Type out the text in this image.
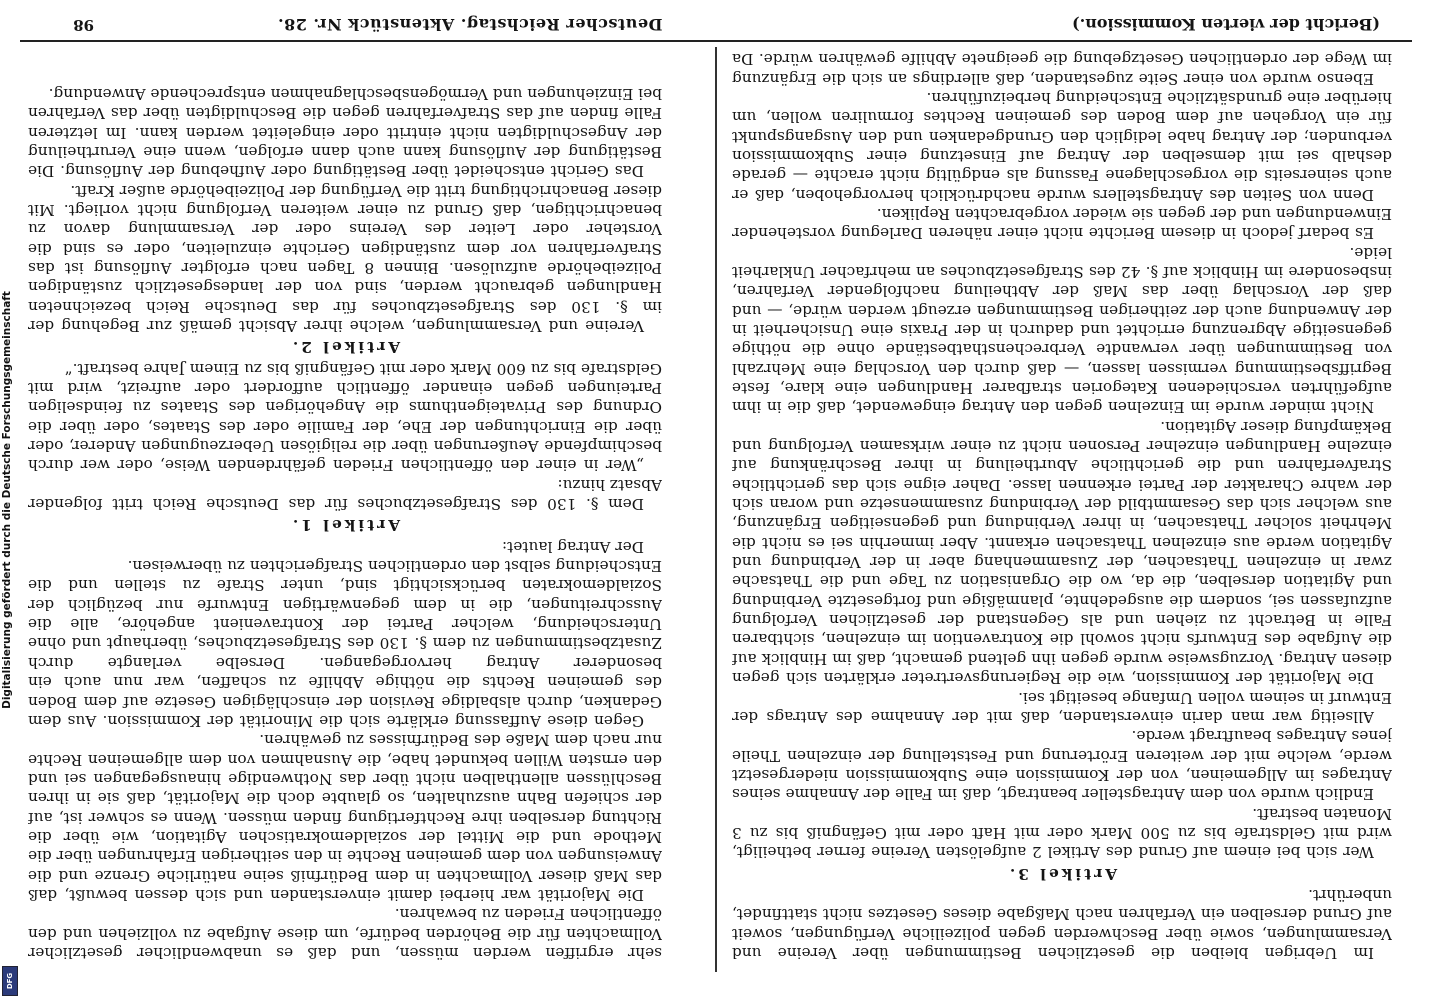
98	Deutscher Reichstag. Aktenstück Nr. 28.	(Bericht der vierten Kommission.)

sehr ergriffen werden müssen, und daß es unabwendlicher gesetzlicher Vollmachten für die Behörden bedürfe, um diese Aufgabe zu vollziehen und den öffentlichen Frieden zu bewahren.

Die Majorität war hierbei damit einverstanden und sich dessen bewußt, daß das Maß dieser Vollmachten in dem Bedürfniß seine natürliche Grenze und die Anweisungen von dem gemeinen Rechte in den seitherigen Erfahrungen über die Methode und die Mittel der sozialdemokratischen Agitation, wie über die Richtung derselben ihre Rechtfertigung finden müssen. Wenn es schwer ist, auf der schiefen Bahn auszuhalten, so glaubte doch die Majorität, daß sie in ihren Beschlüssen allenthalben nicht über das Nothwendige hinausgegangen sei und den ernsten Willen bekundet habe, die Ausnahmen von dem allgemeinen Rechte nur nach dem Maße des Bedürfnisses zu gewähren.

Gegen diese Auffassung erklärte sich die Minorität der Kommission. Aus dem Gedanken, durch alsbaldige Revision der einschlägigen Gesetze auf dem Boden des gemeinen Rechts die nöthige Abhilfe zu schaffen, war nun auch ein besonderer Antrag hervorgegangen. Derselbe verlangte durch Zusatzbestimmungen zu dem §. 130 des Strafgesetzbuches, überhaupt und ohne Unterscheidung, welcher Partei der Kontravenient angehöre, alle die Ausschreitungen, die in dem gegenwärtigen Entwurfe nur bezüglich der Sozialdemokraten berücksichtigt sind, unter Strafe zu stellen und die Entscheidung selbst den ordentlichen Strafgerichten zu überweisen.

Der Antrag lautet:

Artikel 1.

Dem §. 130 des Strafgesetzbuches für das Deutsche Reich tritt folgender Absatz hinzu:

„Wer in einer den öffentlichen Frieden gefährdenden Weise, oder wer durch beschimpfende Aeußerungen über die religiösen Ueberzeugungen Anderer, oder über die Einrichtungen der Ehe, der Familie oder des Staates, oder über die Ordnung des Privateigenthums die Angehörigen des Staates zu feindseligen Parteiungen gegen einander öffentlich auffordert oder aufreizt, wird mit Geldstrafe bis zu 600 Mark oder mit Gefängniß bis zu Einem Jahre bestraft.“

Artikel 2.

Vereine und Versammlungen, welche ihrer Absicht gemäß zur Begehung der im §. 130 des Strafgesetzbuches für das Deutsche Reich bezeichneten Handlungen gebraucht werden, sind von der landesgesetzlich zuständigen Polizeibehörde aufzulösen. Binnen 8 Tagen nach erfolgter Auflösung ist das Strafverfahren vor dem zuständigen Gerichte einzuleiten, oder es sind die Vorsteher oder Leiter des Vereins oder der Versammlung davon zu benachrichtigen, daß Grund zu einer weiteren Verfolgung nicht vorliegt. Mit dieser Benachrichtigung tritt die Verfügung der Polizeibehörde außer Kraft.

Das Gericht entscheidet über Bestätigung oder Aufhebung der Auflösung. Die Bestätigung der Auflösung kann auch dann erfolgen, wenn eine Verurtheilung der Angeschuldigten nicht eintritt oder eingeleitet werden kann. Im letzteren Falle finden auf das Strafverfahren gegen die Beschuldigten über das Verfahren bei Einziehungen und Vermögensbeschlagnahmen entsprechende Anwendung.

Im Uebrigen bleiben die gesetzlichen Bestimmungen über Vereine und Versammlungen, sowie über Beschwerden gegen polizeiliche Verfügungen, soweit auf Grund derselben ein Verfahren nach Maßgabe dieses Gesetzes nicht stattfindet, unberührt.

Artikel 3.

Wer sich bei einem auf Grund des Artikel 2 aufgelösten Vereine ferner betheiligt, wird mit Geldstrafe bis zu 500 Mark oder mit Haft oder mit Gefängniß bis zu 3 Monaten bestraft.

Endlich wurde von dem Antragsteller beantragt, daß im Falle der Annahme seines Antrages im Allgemeinen, von der Kommission eine Subkommission niedergesetzt werde, welche mit der weiteren Erörterung und Feststellung der einzelnen Theile jenes Antrages beauftragt werde.

Allseitig war man darin einverstanden, daß mit der Annahme des Antrags der Entwurf in seinem vollen Umfange beseitigt sei.

Die Majorität der Kommission, wie die Regierungsvertreter erklärten sich gegen diesen Antrag. Vorzugsweise wurde gegen ihn geltend gemacht, daß im Hinblick auf die Aufgabe des Entwurfs nicht sowohl die Kontravention im einzelnen, sichtbaren Falle in Betracht zu ziehen und als Gegenstand der gesetzlichen Verfolgung aufzufassen sei, sondern die ausgedehnte, planmäßige und fortgesetzte Verbindung und Agitation derselben, die da, wo die Organisation zu Tage und die Thatsache zwar in einzelnen Thatsachen, der Zusammenhang aber in der Verbindung und Agitation werde aus einzelnen Thatsachen erkannt. Aber immerhin sei es nicht die Mehrheit solcher Thatsachen, in ihrer Verbindung und gegenseitigen Ergänzung, aus welcher sich das Gesammtbild der Verbindung zusammensetze und woran sich der wahre Charakter der Partei erkennen lasse. Daher eigne sich das gerichtliche Strafverfahren und die gerichtliche Aburtheilung in ihrer Beschränkung auf einzelne Handlungen einzelner Personen nicht zu einer wirksamen Verfolgung und Bekämpfung dieser Agitation.

Nicht minder wurde im Einzelnen gegen den Antrag eingewendet, daß die in ihm aufgeführten verschiedenen Kategorien strafbarer Handlungen eine klare, feste Begriffsbestimmung vermissen lassen, — daß durch den Vorschlag eine Mehrzahl von Bestimmungen über verwandte Verbrechensthatbestände ohne die nöthige gegenseitige Abgrenzung errichtet und dadurch in der Praxis eine Unsicherheit in der Anwendung auch der zeitherigen Bestimmungen erzeugt werden würde, — und daß der Vorschlag über das Maß der Abtheilung nachfolgender Verfahren, insbesondere im Hinblick auf §. 42 des Strafgesetzbuches an mehrfacher Unklarheit leide.

Es bedarf jedoch in diesem Berichte nicht einer näheren Darlegung vorstehender Einwendungen und der gegen sie wieder vorgebrachten Repliken.

Denn von Seiten des Antragstellers wurde nachdrücklich hervorgehoben, daß er auch seinerseits die vorgeschlagene Fassung als endgültig nicht erachte — gerade deshalb sei mit demselben der Antrag auf Einsetzung einer Subkommission verbunden; der Antrag habe lediglich den Grundgedanken und den Ausgangspunkt für ein Vorgehen auf dem Boden des gemeinen Rechtes formuliren wollen, um hierüber eine grundsätzliche Entscheidung herbeizuführen.

Ebenso wurde von einer Seite zugestanden, daß allerdings an sich die Ergänzung im Wege der ordentlichen Gesetzgebung die geeignete Abhilfe gewähren würde. Da

Digitalisierung gefördert durch die Deutsche Forschungsgemeinschaft
DFG
